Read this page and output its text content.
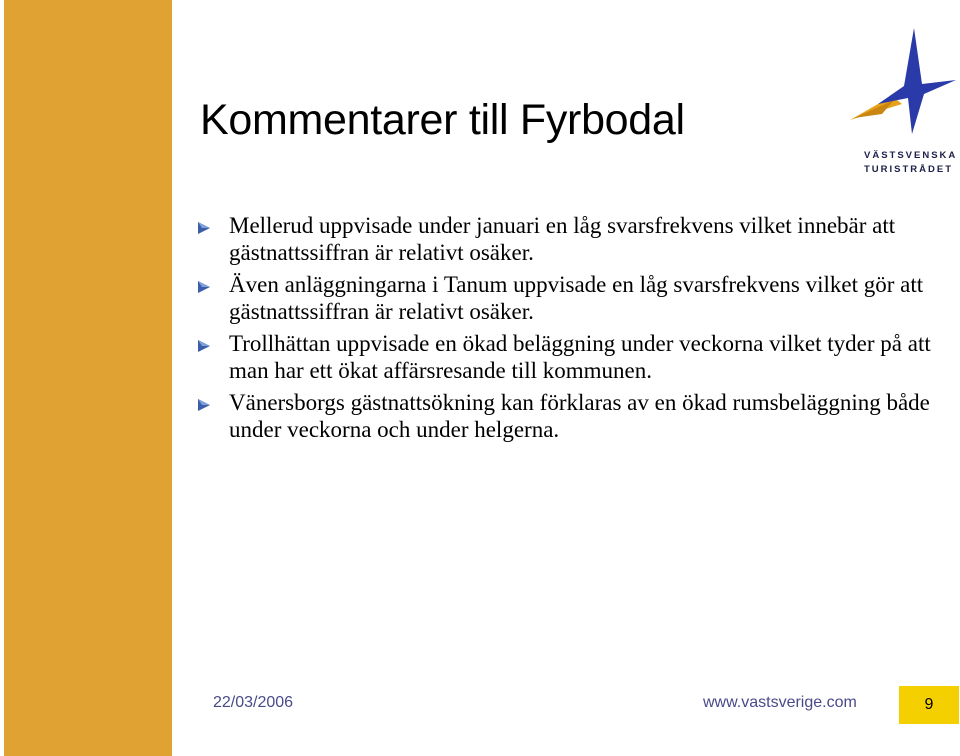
VÄSTSVENSKA
TURISTRÅDET
Kommentarer till Fyrbodal
Mellerud uppvisade under januari en låg svarsfrekvens vilket innebär att gästnattssiffran är relativt osäker.
Även anläggningarna i Tanum uppvisade en låg svarsfrekvens vilket gör att gästnattssiffran är relativt osäker.
Trollhättan uppvisade en ökad beläggning under veckorna vilket tyder på att man har ett ökat affärsresande till kommunen.
Vänersborgs gästnattsökning kan förklaras av en ökad rumsbeläggning både under veckorna och under helgerna.
22/03/2006	www.vastsverige.com	9
